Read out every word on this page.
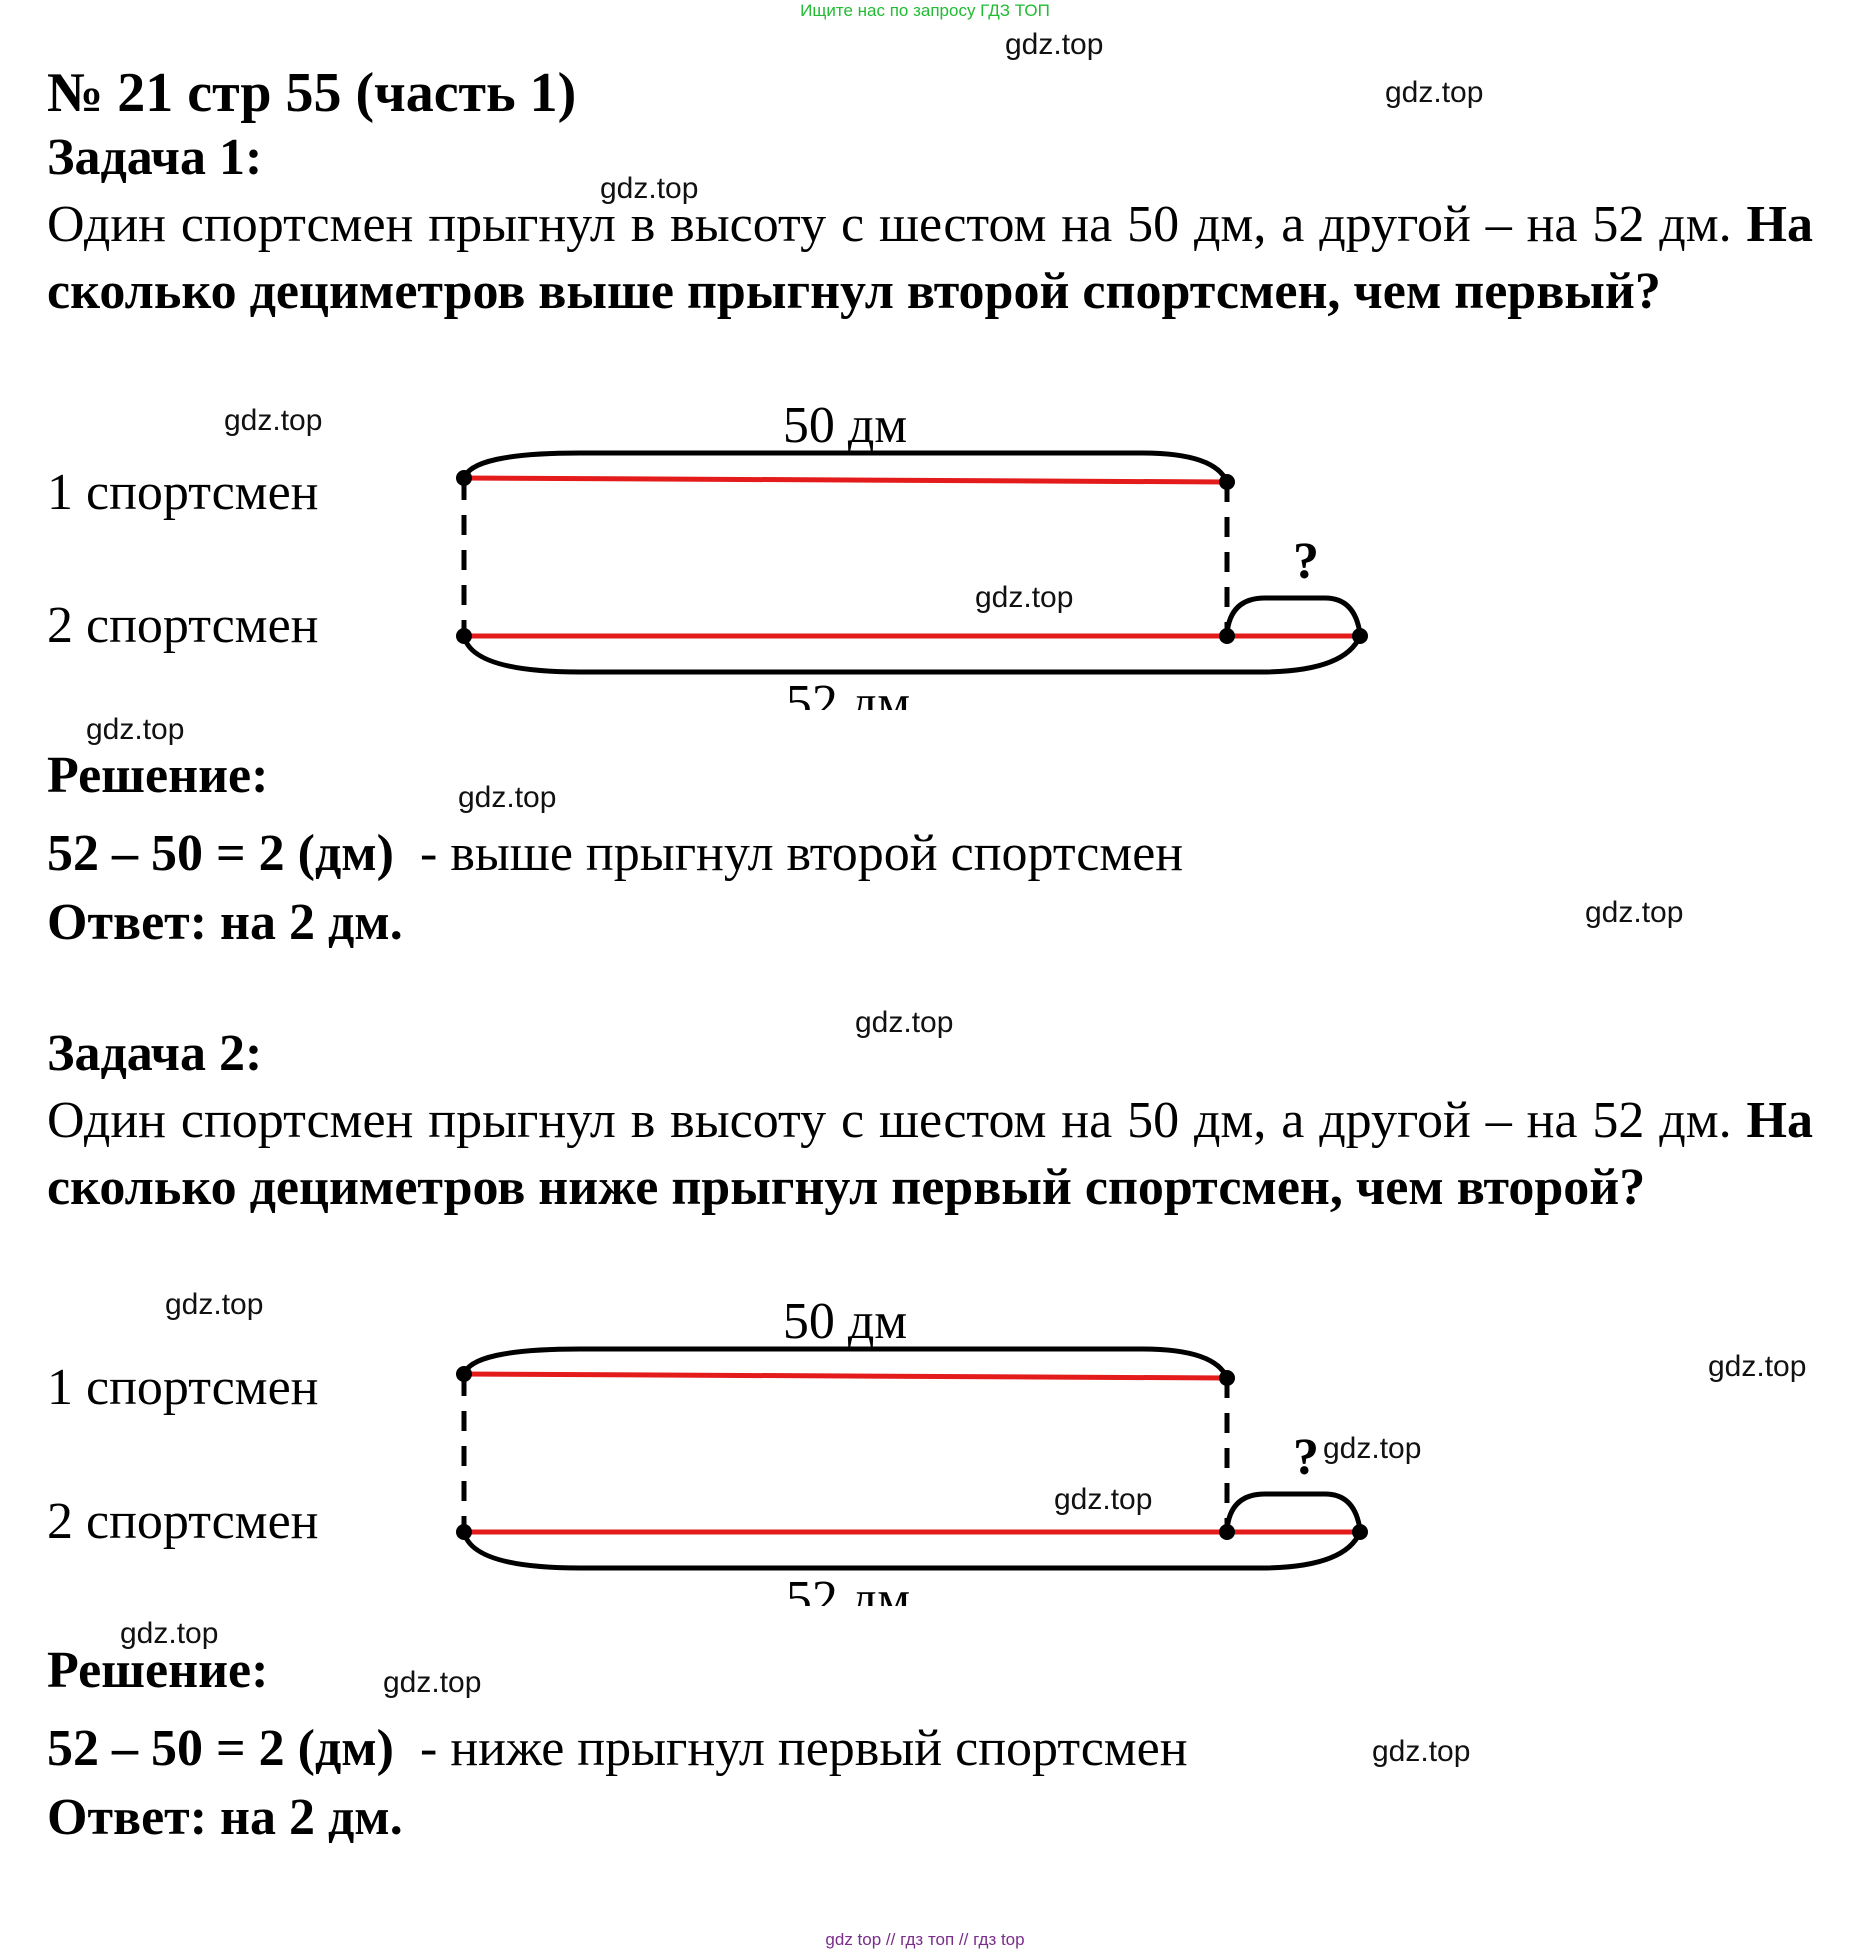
Ищите нас по запросу ГДЗ ТОП
gdz.top
gdz.top
gdz.top
gdz.top
gdz.top
gdz.top
gdz.top
gdz.top
gdz.top
gdz.top
gdz.top
gdz.top
gdz.top
gdz.top
gdz.top
gdz.top
№ 21 стр 55 (часть 1)
Задача 1:
Один спортсмен прыгнул в высоту с шестом на 50 дм, а другой – на 52 дм. На сколько дециметров выше прыгнул второй спортсмен, чем первый?
1 спортсмен
2 спортсмен
50 дм
52 дм
?
Решение:
52 – 50 = 2 (дм) - выше прыгнул второй спортсмен
Ответ: на 2 дм.
Задача 2:
Один спортсмен прыгнул в высоту с шестом на 50 дм, а другой – на 52 дм. На сколько дециметров ниже прыгнул первый спортсмен, чем второй?
1 спортсмен
2 спортсмен
50 дм
52 дм
?
Решение:
52 – 50 = 2 (дм) - ниже прыгнул первый спортсмен
Ответ: на 2 дм.
gdz top // гдз топ // гдз top
